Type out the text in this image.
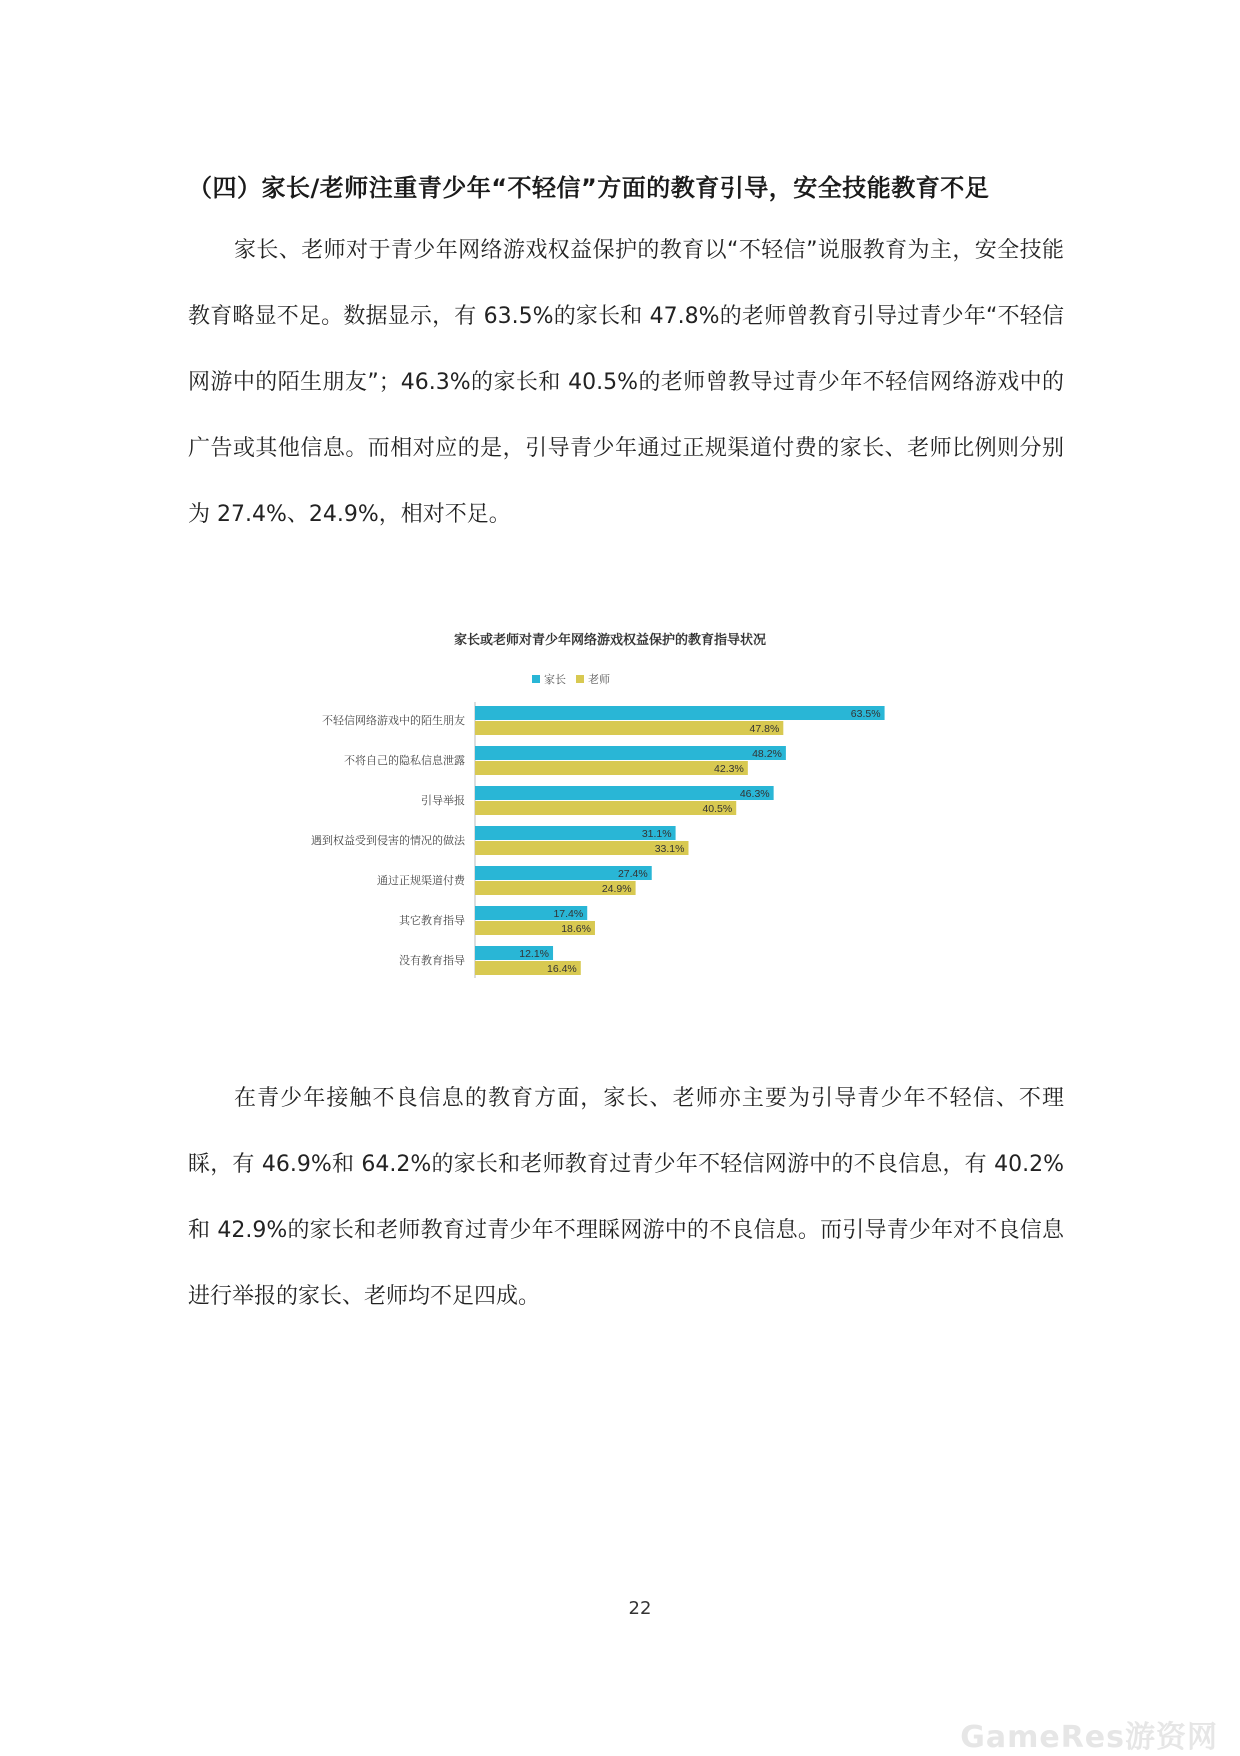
（四）家长/老师注重青少年“不轻信”方面的教育引导，安全技能教育不足

家长、老师对于青少年网络游戏权益保护的教育以“不轻信”说服教育为主，安全技能教育略显不足。数据显示，有 63.5%的家长和 47.8%的老师曾教育引导过青少年“不轻信网游中的陌生朋友”；46.3%的家长和 40.5%的老师曾教导过青少年不轻信网络游戏中的广告或其他信息。而相对应的是，引导青少年通过正规渠道付费的家长、老师比例则分别为 27.4%、24.9%，相对不足。

家长或老师对青少年网络游戏权益保护的教育指导状况
家长 老师
不轻信网络游戏中的陌生朋友
63.5%
47.8%
不将自己的隐私信息泄露
48.2%
42.3%
引导举报
46.3%
40.5%
遇到权益受到侵害的情况的做法
31.1%
33.1%
通过正规渠道付费
27.4%
24.9%
其它教育指导
17.4%
18.6%
没有教育指导
12.1%
16.4%

在青少年接触不良信息的教育方面，家长、老师亦主要为引导青少年不轻信、不理睬，有 46.9%和 64.2%的家长和老师教育过青少年不轻信网游中的不良信息，有 40.2%和 42.9%的家长和老师教育过青少年不理睬网游中的不良信息。而引导青少年对不良信息进行举报的家长、老师均不足四成。

22
GameRes游资网
